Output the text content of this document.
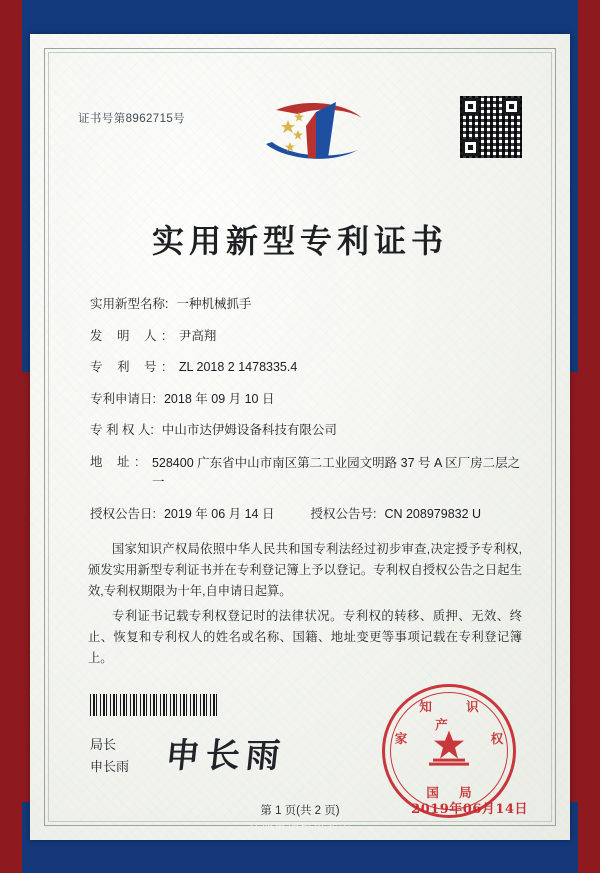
证书号第8962715号
实用新型专利证书
实用新型名称: 一种机械抓手
发 明 人: 尹高翔
专 利 号: ZL 2018 2 1478335.4
专利申请日: 2018 年 09 月 10 日
专 利 权 人: 中山市达伊姆设备科技有限公司
地 址: 528400 广东省中山市南区第二工业园文明路 37 号 A 区厂房二层之一
授权公告日: 2019 年 06 月 14 日	授权公告号: CN 208979832 U

国家知识产权局依照中华人民共和国专利法经过初步审查,决定授予专利权,颁发实用新型专利证书并在专利登记簿上予以登记。专利权自授权公告之日起生效,专利权期限为十年,自申请日起算。

专利证书记载专利权登记时的法律状况。专利权的转移、质押、无效、终止、恢复和专利权人的姓名或名称、国籍、地址变更等事项记载在专利登记簿上。

局长
申长雨 申长雨
知 识 产
家	权
国 局
2019年06月14日
第 1 页(共 2 页)
其他事项参见背面
